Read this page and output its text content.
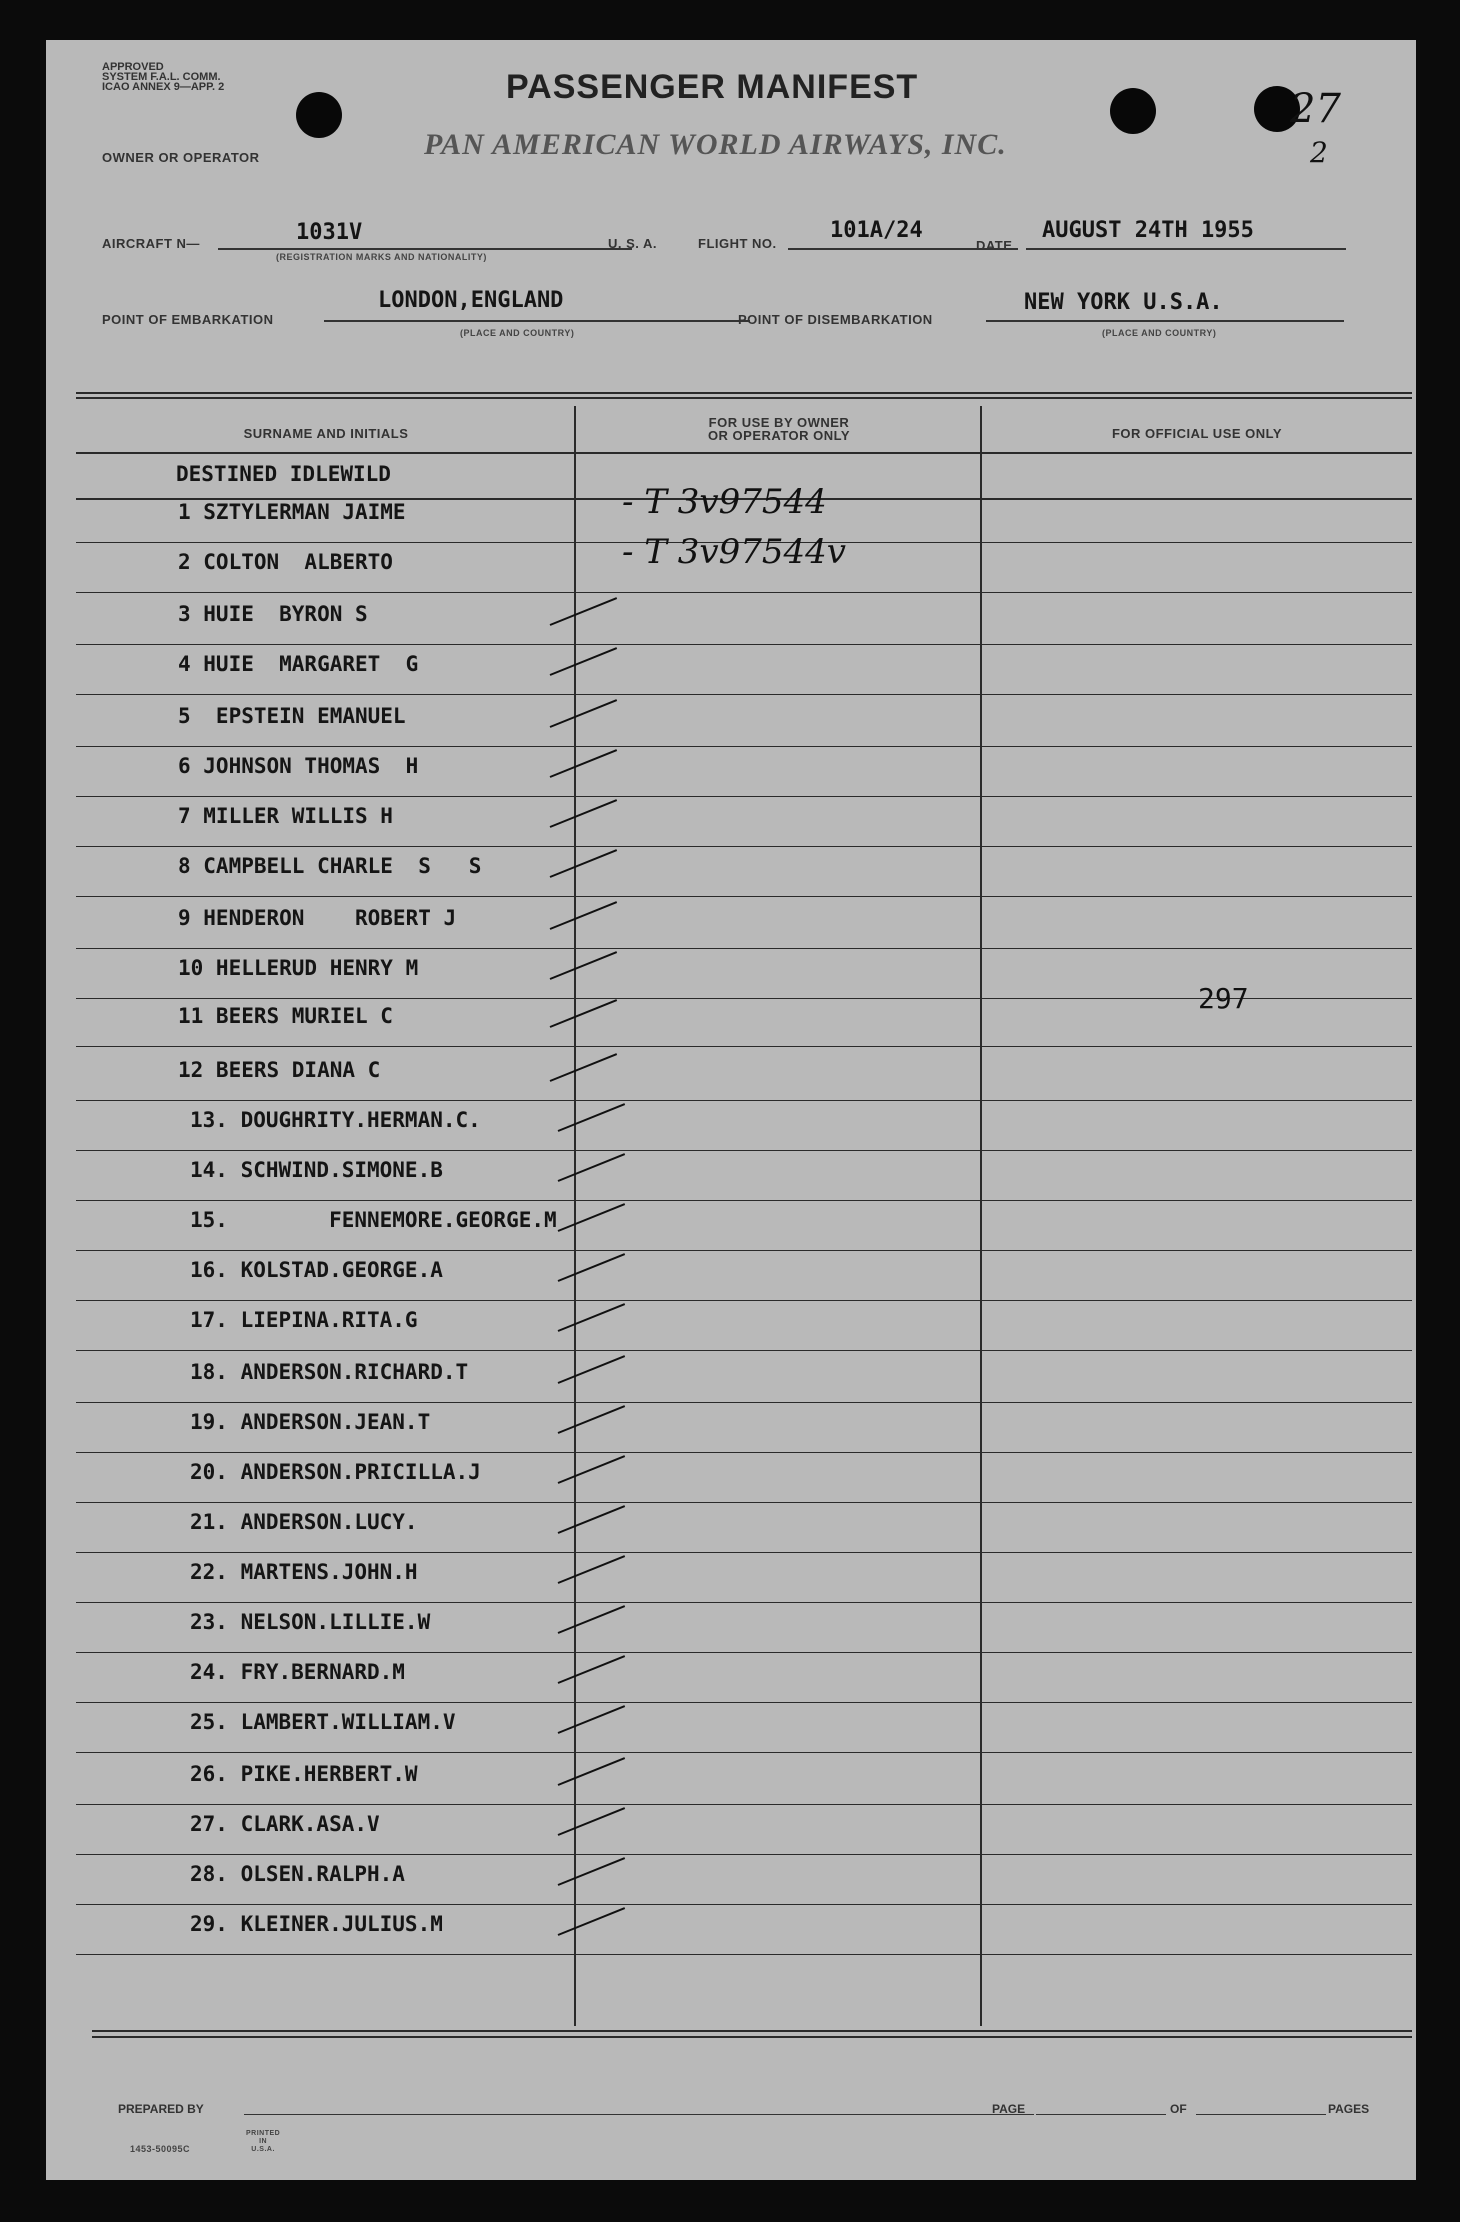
APPROVED
SYSTEM F.A.L. COMM.
ICAO ANNEX 9—APP. 2	PASSENGER MANIFEST
OWNER OR OPERATOR	PAN AMERICAN WORLD AIRWAYS, INC.
27
2
AIRCRAFT N—	1031V
(REGISTRATION MARKS AND NATIONALITY)
U. S. A.	FLIGHT NO.
101A/24
DATE
AUGUST 24TH 1955
POINT OF EMBARKATION
LONDON,ENGLAND
(PLACE AND COUNTRY)
POINT OF DISEMBARKATION
NEW YORK U.S.A.
(PLACE AND COUNTRY)
SURNAME AND INITIALS
FOR USE BY OWNER
OR OPERATOR ONLY	FOR OFFICIAL USE ONLY
DESTINED IDLEWILD
1 SZTYLERMAN JAIME	- T 3v97544
2 COLTON  ALBERTO	- T 3v97544v
3 HUIE  BYRON S
4 HUIE  MARGARET  G
5  EPSTEIN EMANUEL
6 JOHNSON THOMAS  H
7 MILLER WILLIS H
8 CAMPBELL CHARLE  S   S
9 HENDERON    ROBERT J
10 HELLERUD HENRY M
11 BEERS MURIEL C
12 BEERS DIANA C
13. DOUGHRITY.HERMAN.C.
14. SCHWIND.SIMONE.B
15.        FENNEMORE.GEORGE.M
16. KOLSTAD.GEORGE.A
17. LIEPINA.RITA.G
18. ANDERSON.RICHARD.T
19. ANDERSON.JEAN.T
20. ANDERSON.PRICILLA.J
21. ANDERSON.LUCY.
22. MARTENS.JOHN.H
23. NELSON.LILLIE.W
24. FRY.BERNARD.M
25. LAMBERT.WILLIAM.V
26. PIKE.HERBERT.W
27. CLARK.ASA.V
28. OLSEN.RALPH.A
29. KLEINER.JULIUS.M
297
PREPARED BY	PAGE	OF	PAGES
1453-50095C
PRINTED
IN
U.S.A.
